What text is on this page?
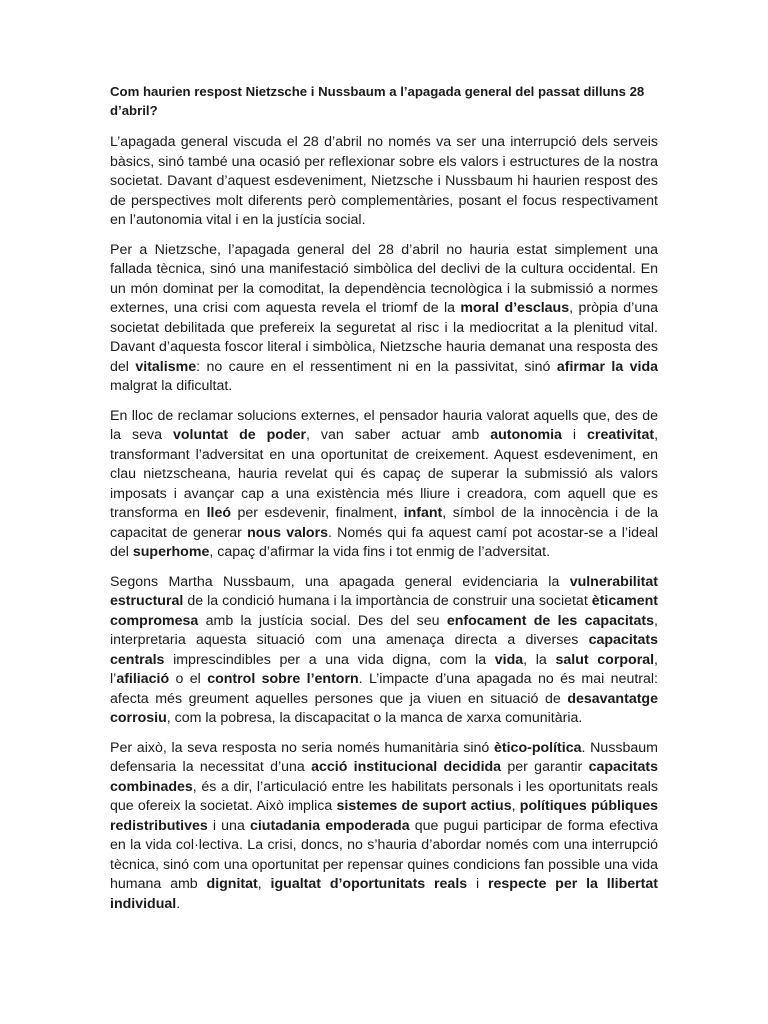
Com haurien respost Nietzsche i Nussbaum a l’apagada general del passat dilluns 28 d’abril?

L’apagada general viscuda el 28 d’abril no només va ser una interrupció dels serveis bàsics, sinó també una ocasió per reflexionar sobre els valors i estructures de la nostra societat. Davant d’aquest esdeveniment, Nietzsche i Nussbaum hi haurien respost des de perspectives molt diferents però complementàries, posant el focus respectivament en l’autonomia vital i en la justícia social.

Per a Nietzsche, l’apagada general del 28 d’abril no hauria estat simplement una fallada tècnica, sinó una manifestació simbòlica del declivi de la cultura occidental. En un món dominat per la comoditat, la dependència tecnològica i la submissió a normes externes, una crisi com aquesta revela el triomf de la moral d’esclaus, pròpia d’una societat debilitada que prefereix la seguretat al risc i la mediocritat a la plenitud vital. Davant d’aquesta foscor literal i simbòlica, Nietzsche hauria demanat una resposta des del vitalisme: no caure en el ressentiment ni en la passivitat, sinó afirmar la vida malgrat la dificultat.

En lloc de reclamar solucions externes, el pensador hauria valorat aquells que, des de la seva voluntat de poder, van saber actuar amb autonomia i creativitat, transformant l’adversitat en una oportunitat de creixement. Aquest esdeveniment, en clau nietzscheana, hauria revelat qui és capaç de superar la submissió als valors imposats i avançar cap a una existència més lliure i creadora, com aquell que es transforma en lleó per esdevenir, finalment, infant, símbol de la innocència i de la capacitat de generar nous valors. Només qui fa aquest camí pot acostar-se a l’ideal del superhome, capaç d’afirmar la vida fins i tot enmig de l’adversitat.

Segons Martha Nussbaum, una apagada general evidenciaria la vulnerabilitat estructural de la condició humana i la importància de construir una societat èticament compromesa amb la justícia social. Des del seu enfocament de les capacitats, interpretaria aquesta situació com una amenaça directa a diverses capacitats centrals imprescindibles per a una vida digna, com la vida, la salut corporal, l’afiliació o el control sobre l’entorn. L’impacte d’una apagada no és mai neutral: afecta més greument aquelles persones que ja viuen en situació de desavantatge corrosiu, com la pobresa, la discapacitat o la manca de xarxa comunitària.

Per això, la seva resposta no seria només humanitària sinó ètico-política. Nussbaum defensaria la necessitat d’una acció institucional decidida per garantir capacitats combinades, és a dir, l’articulació entre les habilitats personals i les oportunitats reals que ofereix la societat. Això implica sistemes de suport actius, polítiques públiques redistributives i una ciutadania empoderada que pugui participar de forma efectiva en la vida col·lectiva. La crisi, doncs, no s’hauria d’abordar només com una interrupció tècnica, sinó com una oportunitat per repensar quines condicions fan possible una vida humana amb dignitat, igualtat d’oportunitats reals i respecte per la llibertat individual.
